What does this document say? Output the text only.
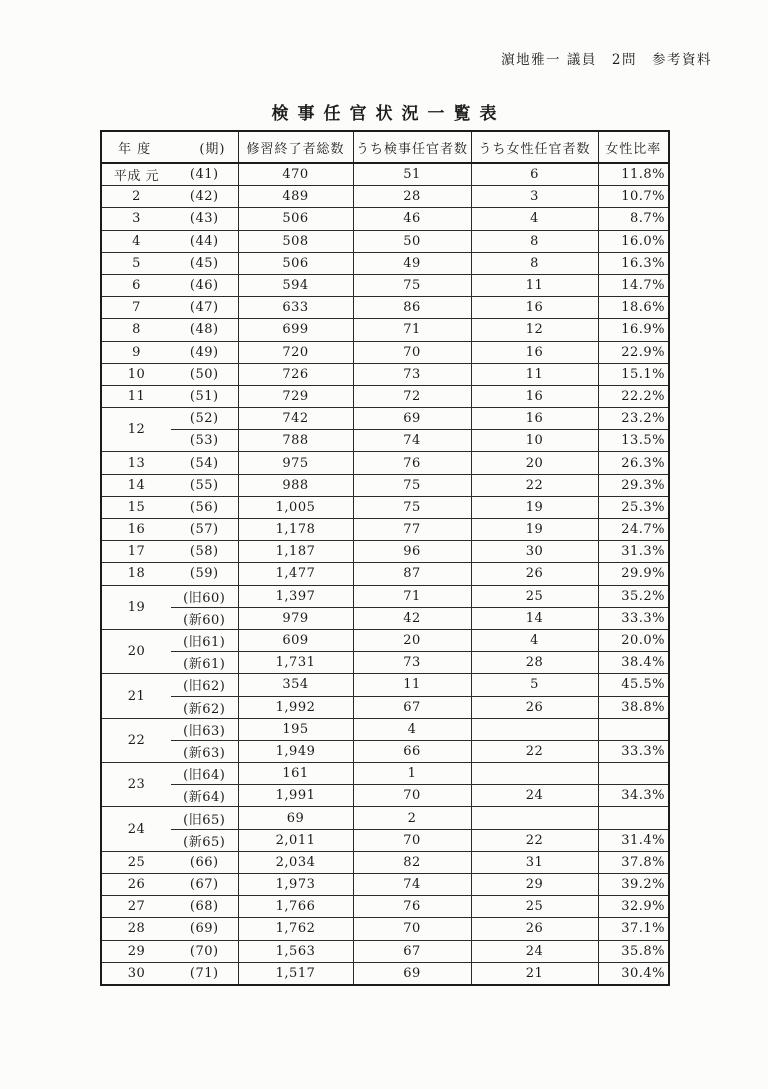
濵地雅一 議員　2問　参考資料
検事任官状況一覧表
年 度 (期)		修習終了者総数	うち検事任官者数	うち女性任官者数	女性比率
平成 元	(41)	470	51	6	11.8%
2	(42)	489	28	3	10.7%
3	(43)	506	46	4	8.7%
4	(44)	508	50	8	16.0%
5	(45)	506	49	8	16.3%
6	(46)	594	75	11	14.7%
7	(47)	633	86	16	18.6%
8	(48)	699	71	12	16.9%
9	(49)	720	70	16	22.9%
10	(50)	726	73	11	15.1%
11	(51)	729	72	16	22.2%
12	(52)	742	69	16	23.2%
	(53)	788	74	10	13.5%
13	(54)	975	76	20	26.3%
14	(55)	988	75	22	29.3%
15	(56)	1,005	75	19	25.3%
16	(57)	1,178	77	19	24.7%
17	(58)	1,187	96	30	31.3%
18	(59)	1,477	87	26	29.9%
19	(旧60)	1,397	71	25	35.2%
	(新60)	979	42	14	33.3%
20	(旧61)	609	20	4	20.0%
	(新61)	1,731	73	28	38.4%
21	(旧62)	354	11	5	45.5%
	(新62)	1,992	67	26	38.8%
22	(旧63)	195	4		
	(新63)	1,949	66	22	33.3%
23	(旧64)	161	1		
	(新64)	1,991	70	24	34.3%
24	(旧65)	69	2		
	(新65)	2,011	70	22	31.4%
25	(66)	2,034	82	31	37.8%
26	(67)	1,973	74	29	39.2%
27	(68)	1,766	76	25	32.9%
28	(69)	1,762	70	26	37.1%
29	(70)	1,563	67	24	35.8%
30	(71)	1,517	69	21	30.4%
